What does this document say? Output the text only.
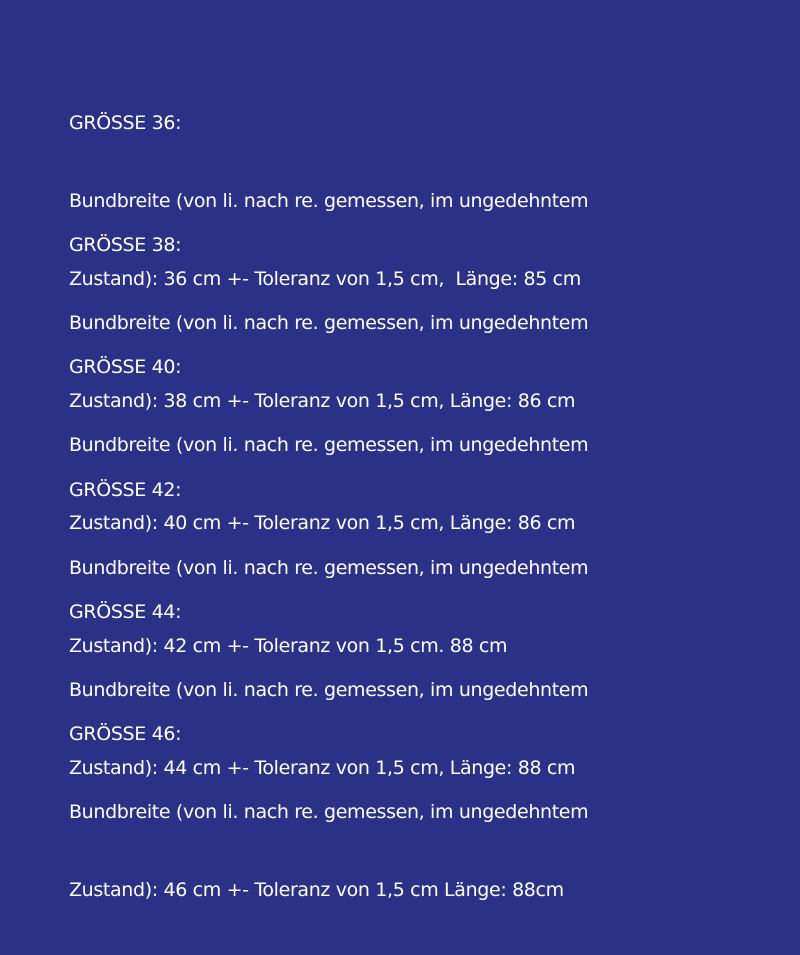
GRÖSSE 36:

Bundbreite (von li. nach re. gemessen, im ungedehntem

Zustand): 36 cm +- Toleranz von 1,5 cm,  Länge: 85 cm

GRÖSSE 38:

Bundbreite (von li. nach re. gemessen, im ungedehntem

Zustand): 38 cm +- Toleranz von 1,5 cm, Länge: 86 cm

GRÖSSE 40:

Bundbreite (von li. nach re. gemessen, im ungedehntem

Zustand): 40 cm +- Toleranz von 1,5 cm, Länge: 86 cm

GRÖSSE 42:

Bundbreite (von li. nach re. gemessen, im ungedehntem

Zustand): 42 cm +- Toleranz von 1,5 cm. 88 cm

GRÖSSE 44:

Bundbreite (von li. nach re. gemessen, im ungedehntem

Zustand): 44 cm +- Toleranz von 1,5 cm, Länge: 88 cm

GRÖSSE 46:

Bundbreite (von li. nach re. gemessen, im ungedehntem

Zustand): 46 cm +- Toleranz von 1,5 cm Länge: 88cm
